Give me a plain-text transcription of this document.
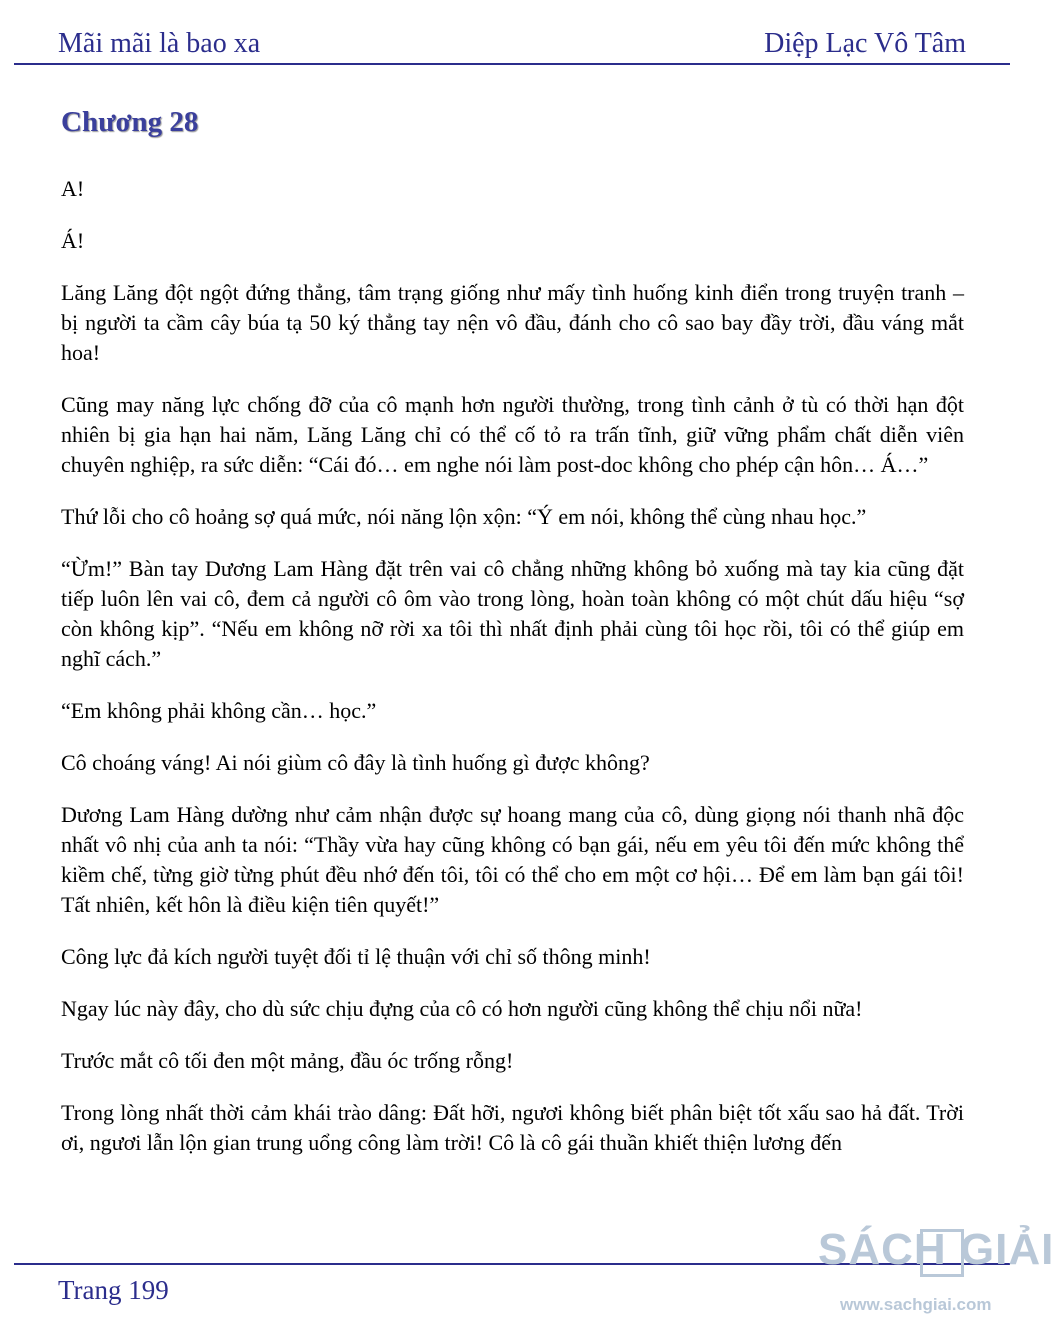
Mãi mãi là bao xa	Diệp Lạc Vô Tâm
Chương 28

A!

Á!

Lăng Lăng đột ngột đứng thẳng, tâm trạng giống như mấy tình huống kinh điển trong truyện tranh – bị người ta cầm cây búa tạ 50 ký thẳng tay nện vô đầu, đánh cho cô sao bay đầy trời, đầu váng mắt hoa!

Cũng may năng lực chống đỡ của cô mạnh hơn người thường, trong tình cảnh ở tù có thời hạn đột nhiên bị gia hạn hai năm, Lăng Lăng chỉ có thể cố tỏ ra trấn tĩnh, giữ vững phẩm chất diễn viên chuyên nghiệp, ra sức diễn: “Cái đó… em nghe nói làm post-doc không cho phép cận hôn… Á…”

Thứ lỗi cho cô hoảng sợ quá mức, nói năng lộn xộn: “Ý em nói, không thể cùng nhau học.”

“Ừm!” Bàn tay Dương Lam Hàng đặt trên vai cô chẳng những không bỏ xuống mà tay kia cũng đặt tiếp luôn lên vai cô, đem cả người cô ôm vào trong lòng, hoàn toàn không có một chút dấu hiệu “sợ còn không kịp”. “Nếu em không nỡ rời xa tôi thì nhất định phải cùng tôi học rồi, tôi có thể giúp em nghĩ cách.”

“Em không phải không cần… học.”

Cô choáng váng! Ai nói giùm cô đây là tình huống gì được không?

Dương Lam Hàng dường như cảm nhận được sự hoang mang của cô, dùng giọng nói thanh nhã độc nhất vô nhị của anh ta nói: “Thầy vừa hay cũng không có bạn gái, nếu em yêu tôi đến mức không thể kiềm chế, từng giờ từng phút đều nhớ đến tôi, tôi có thể cho em một cơ hội… Để em làm bạn gái tôi! Tất nhiên, kết hôn là điều kiện tiên quyết!”

Công lực đả kích người tuyệt đối tỉ lệ thuận với chỉ số thông minh!

Ngay lúc này đây, cho dù sức chịu đựng của cô có hơn người cũng không thể chịu nổi nữa!

Trước mắt cô tối đen một mảng, đầu óc trống rỗng!

Trong lòng nhất thời cảm khái trào dâng: Đất hỡi, ngươi không biết phân biệt tốt xấu sao hả đất. Trời ơi, ngươi lẫn lộn gian trung uổng công làm trời! Cô là cô gái thuần khiết thiện lương đến

Trang 199
SÁCH GIẢI
www.sachgiai.com
